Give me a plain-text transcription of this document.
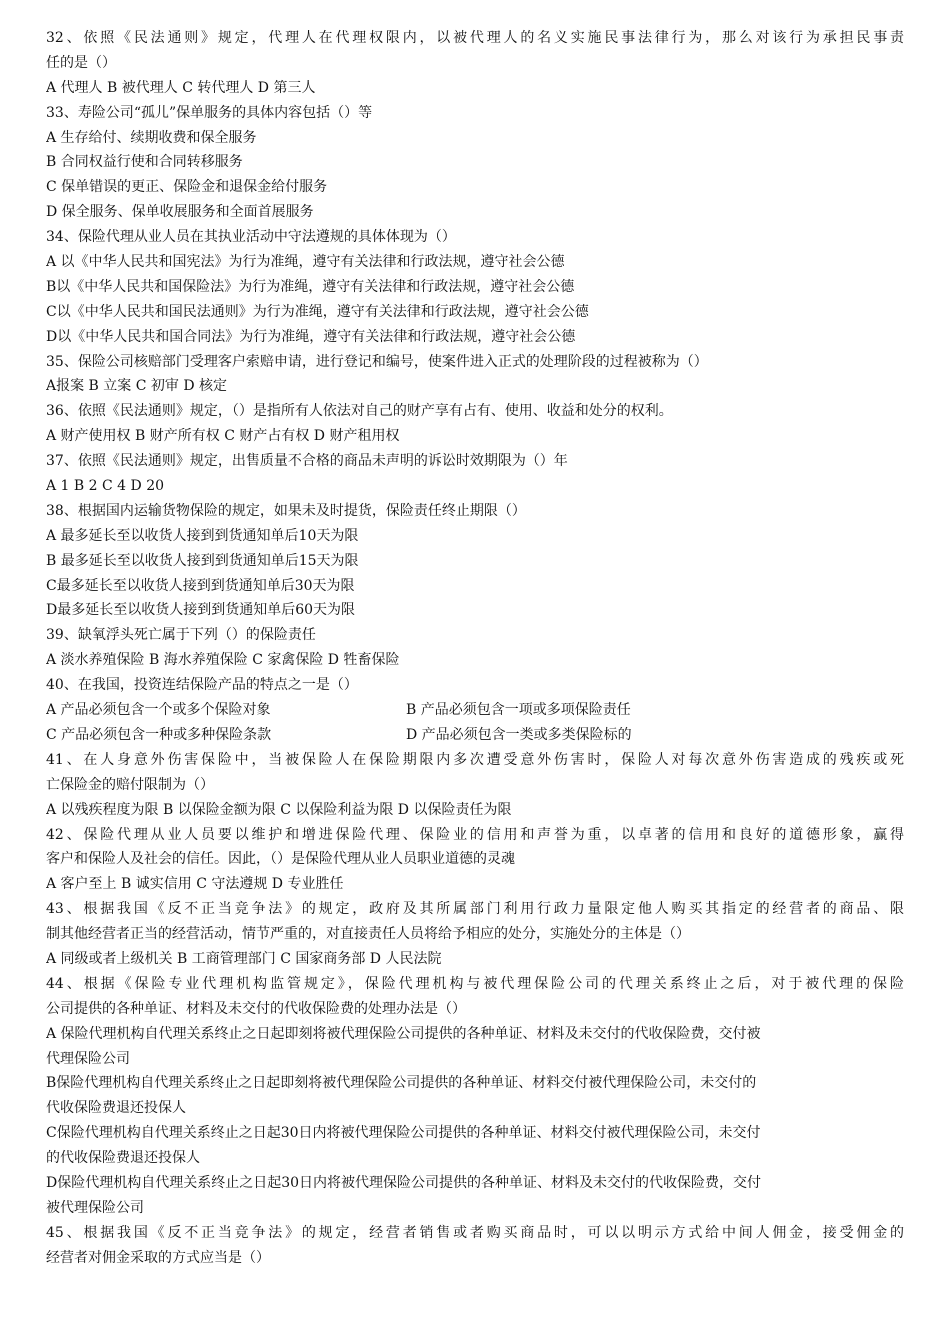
32、依照《民法通则》规定，代理人在代理权限内，以被代理人的名义实施民事法律行为，那么对该行为承担民事责
任的是（）
A 代理人 B 被代理人 C 转代理人 D 第三人
33、寿险公司“孤儿”保单服务的具体内容包括（）等
A 生存给付、续期收费和保全服务
B 合同权益行使和合同转移服务
C 保单错误的更正、保险金和退保金给付服务
D 保全服务、保单收展服务和全面首展服务
34、保险代理从业人员在其执业活动中守法遵规的具体体现为（）
A 以《中华人民共和国宪法》为行为准绳，遵守有关法律和行政法规，遵守社会公德
B以《中华人民共和国保险法》为行为准绳，遵守有关法律和行政法规，遵守社会公德
C以《中华人民共和国民法通则》为行为准绳，遵守有关法律和行政法规，遵守社会公德
D以《中华人民共和国合同法》为行为准绳，遵守有关法律和行政法规，遵守社会公德
35、保险公司核赔部门受理客户索赔申请，进行登记和编号，使案件进入正式的处理阶段的过程被称为（）
A报案 B 立案 C 初审 D 核定
36、依照《民法通则》规定，（）是指所有人依法对自己的财产享有占有、使用、收益和处分的权利。
A 财产使用权 B 财产所有权 C 财产占有权 D 财产租用权
37、依照《民法通则》规定，出售质量不合格的商品未声明的诉讼时效期限为（）年
A 1 B 2 C 4 D 20
38、根据国内运输货物保险的规定，如果未及时提货，保险责任终止期限（）
A 最多延长至以收货人接到到货通知单后10天为限
B 最多延长至以收货人接到到货通知单后15天为限
C最多延长至以收货人接到到货通知单后30天为限
D最多延长至以收货人接到到货通知单后60天为限
39、缺氧浮头死亡属于下列（）的保险责任
A 淡水养殖保险 B 海水养殖保险 C 家禽保险 D 牲畜保险
40、在我国，投资连结保险产品的特点之一是（）
A 产品必须包含一个或多个保险对象	B 产品必须包含一项或多项保险责任
C 产品必须包含一种或多种保险条款	D 产品必须包含一类或多类保险标的
41、在人身意外伤害保险中，当被保险人在保险期限内多次遭受意外伤害时，保险人对每次意外伤害造成的残疾或死
亡保险金的赔付限制为（）
A 以残疾程度为限 B 以保险金额为限 C 以保险利益为限 D 以保险责任为限
42、保险代理从业人员要以维护和增进保险代理、保险业的信用和声誉为重，以卓著的信用和良好的道德形象，赢得
客户和保险人及社会的信任。因此，（）是保险代理从业人员职业道德的灵魂
A 客户至上 B 诚实信用 C 守法遵规 D 专业胜任
43、根据我国《反不正当竞争法》的规定，政府及其所属部门利用行政力量限定他人购买其指定的经营者的商品、限
制其他经营者正当的经营活动，情节严重的，对直接责任人员将给予相应的处分，实施处分的主体是（）
A 同级或者上级机关 B 工商管理部门 C 国家商务部 D 人民法院
44、根据《保险专业代理机构监管规定》，保险代理机构与被代理保险公司的代理关系终止之后，对于被代理的保险
公司提供的各种单证、材料及未交付的代收保险费的处理办法是（）
A 保险代理机构自代理关系终止之日起即刻将被代理保险公司提供的各种单证、材料及未交付的代收保险费，交付被
代理保险公司
B保险代理机构自代理关系终止之日起即刻将被代理保险公司提供的各种单证、材料交付被代理保险公司，未交付的
代收保险费退还投保人
C保险代理机构自代理关系终止之日起30日内将被代理保险公司提供的各种单证、材料交付被代理保险公司，未交付
的代收保险费退还投保人
D保险代理机构自代理关系终止之日起30日内将被代理保险公司提供的各种单证、材料及未交付的代收保险费，交付
被代理保险公司
45、根据我国《反不正当竞争法》的规定，经营者销售或者购买商品时，可以以明示方式给中间人佣金，接受佣金的
经营者对佣金采取的方式应当是（）
